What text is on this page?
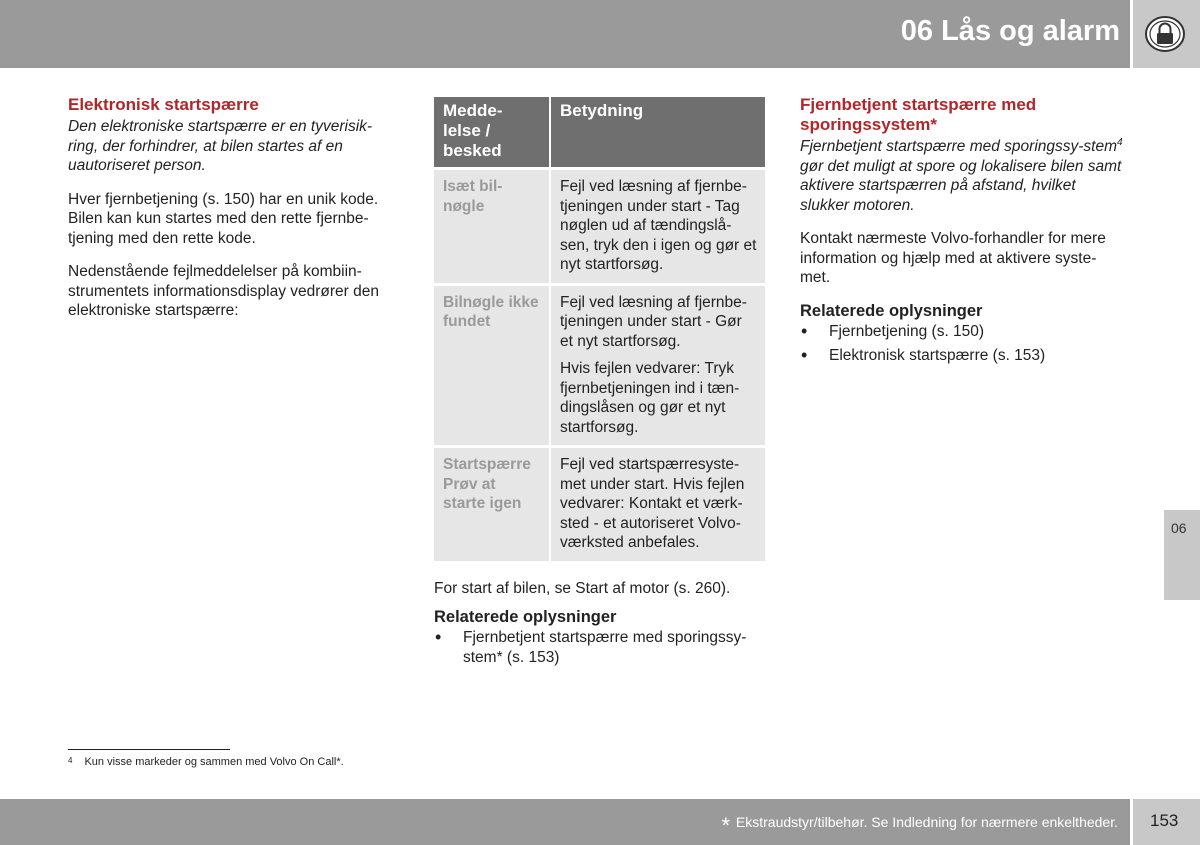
06 Lås og alarm
Elektronisk startspærre

Den elektroniske startspærre er en tyverisik-ring, der forhindrer, at bilen startes af en uautoriseret person.

Hver fjernbetjening (s. 150) har en unik kode. Bilen kan kun startes med den rette fjernbe-tjening med den rette kode.

Nedenstående fejlmeddelelser på kombiin-strumentets informationsdisplay vedrører den elektroniske startspærre:

Medde-lelse / besked	Betydning
Isæt bil-nøgle	Fejl ved læsning af fjernbe-tjeningen under start - Tag nøglen ud af tændingslå-sen, tryk den i igen og gør et nyt startforsøg.

Bilnøgle ikke fundet	Fejl ved læsning af fjernbe-tjeningen under start - Gør et nyt startforsøg.

Hvis fejlen vedvarer: Tryk fjernbetjeningen ind i tæn-dingslåsen og gør et nyt startforsøg.

Startspærre Prøv at starte igen	Fejl ved startspærresyste-met under start. Hvis fejlen vedvarer: Kontakt et værk-sted - et autoriseret Volvo-værksted anbefales.

For start af bilen, se Start af motor (s. 260).

Relaterede oplysninger
• Fjernbetjent startspærre med sporingssy-stem* (s. 153)
Fjernbetjent startspærre med sporingssystem*

Fjernbetjent startspærre med sporingssy-stem$^4$ gør det muligt at spore og lokalisere bilen samt aktivere startspærren på afstand, hvilket slukker motoren.

Kontakt nærmeste Volvo-forhandler for mere information og hjælp med at aktivere syste-met.

Relaterede oplysninger
• Fjernbetjening (s. 150)
• Elektronisk startspærre (s. 153)
$^4$ Kun visse markeder og sammen med Volvo On Call*.
06
* Ekstraudstyr/tilbehør. Se Indledning for nærmere enkeltheder. 153
